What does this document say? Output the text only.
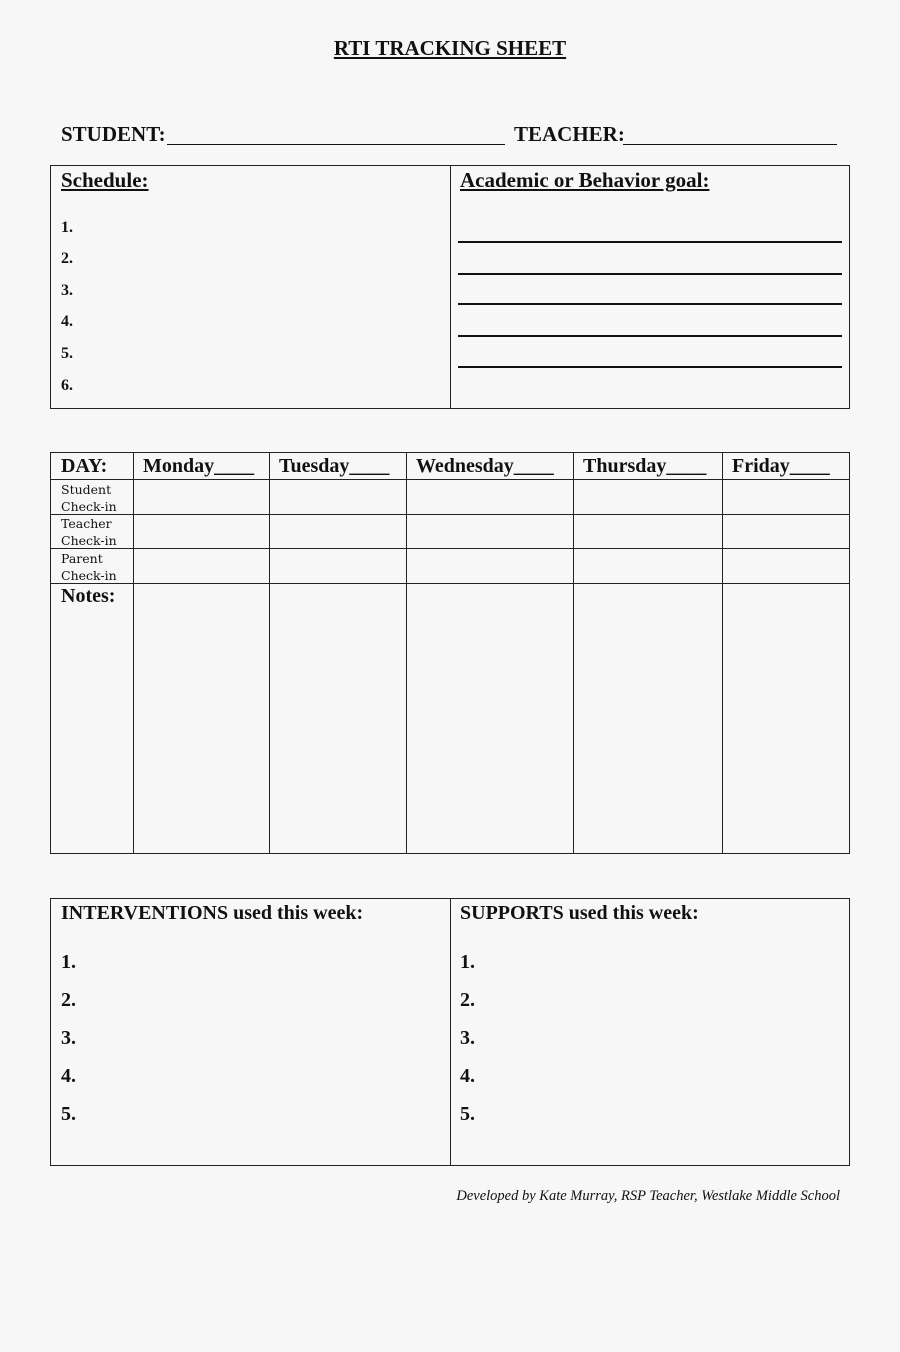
RTI TRACKING SHEET
STUDENT:	TEACHER:
Schedule:
1.
2.
3.
4.
5.
6.
Academic or Behavior goal:
DAY: Monday____ Tuesday____ Wednesday____ Thursday____ Friday____
Student
Check-in
Teacher
Check-in
Parent
Check-in
Notes:
INTERVENTIONS used this week:
1.
2.
3.
4.
5.
SUPPORTS used this week:
1.
2.
3.
4.
5.
Developed by Kate Murray, RSP Teacher, Westlake Middle School
